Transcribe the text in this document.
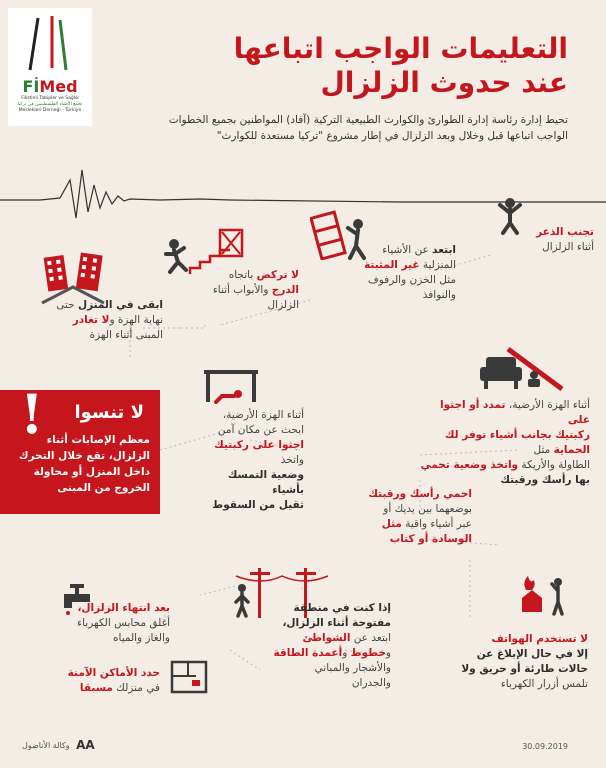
FİMed
Filistinli Tabipler ve Sağlık
تجمع الأطباء الفلسطينيين في تركيا
Meslekleri Derneği - Türkiye
التعليمات الواجب اتباعها
عند حدوث الزلزال
تحيط إدارة رئاسة إدارة الطوارئ والكوارث الطبيعية التركية (آفاد) المواطنين بجميع الخطوات
الواجب اتباعها قبل وخلال وبعد الزلزال في إطار مشروع "تركيا مستعدة للكوارث"
تجنب الذعر
أثناء الزلزال
ابتعد عن الأشياء
المنزلية غير المثبتة
مثل الخزن والرفوف
والنوافذ
لا تركض باتجاه
الدرج والأبواب أثناء
الزلزال
ابقى في المنزل حتى
نهاية الهزة ولا تغادر
المبنى أثناء الهزة
أثناء الهزة الأرضية،
ابحث عن مكان آمن
اجثوا على ركبتيك واتخذ
وضعية التمسك بأشياء
ثقيل من السقوط
أثناء الهزة الأرضية، تمدد أو اجثوا على
ركبتيك بجانب أشياء توفر لك الحماية مثل
الطاولة والأريكة واتخذ وضعية تحمي
بها رأسك ورقبتك
! لا تنسوا
معظم الإصابات أثناء
الزلزال، تقع خلال التحرك
داخل المنزل أو محاولة
الخروج من المبنى	احمي رأسك ورقبتك
بوضعهما بين يديك أو
عبر أشياء واقية مثل
الوسادة أو كتاب
بعد انتهاء الزلزال،
أغلق محابس الكهرباء
والغاز والمياه
إذا كنت في منطقة
مفتوحة أثناء الزلزال،
ابتعد عن الشواطئ
وخطوط وأعمدة الطاقة
والأشجار والمباني
والجدران
لا تستخدم الهواتف
إلا في حال الإبلاغ عن
حالات طارئة أو حريق ولا
تلمس أزرار الكهرباء
حدد الأماكن الآمنة
في منزلك مسبقا
AA وكالة الأناضول	30.09.2019
